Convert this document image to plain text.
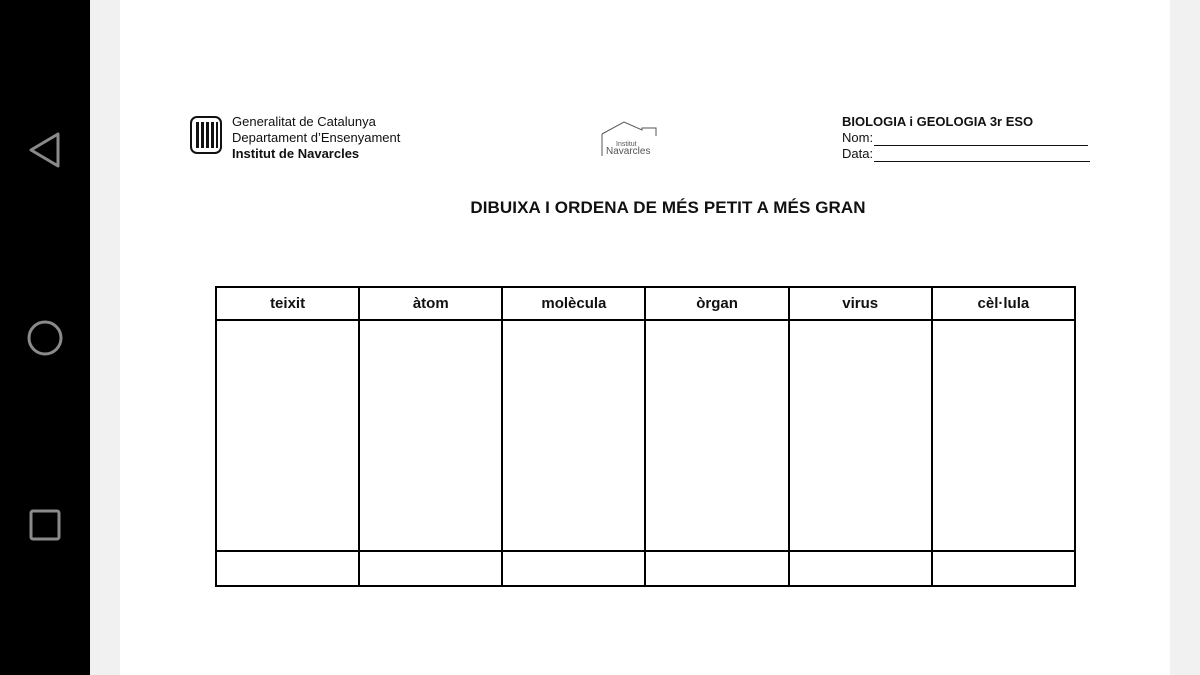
Generalitat de Catalunya
Departament d’Ensenyament
Institut de Navarcles
Institut
Navarcles
BIOLOGIA i GEOLOGIA 3r ESO
Nom:
Data:
DIBUIXA I ORDENA DE MÉS PETIT A MÉS GRAN
teixit	àtom	molècula	òrgan	virus	cèl·lula
